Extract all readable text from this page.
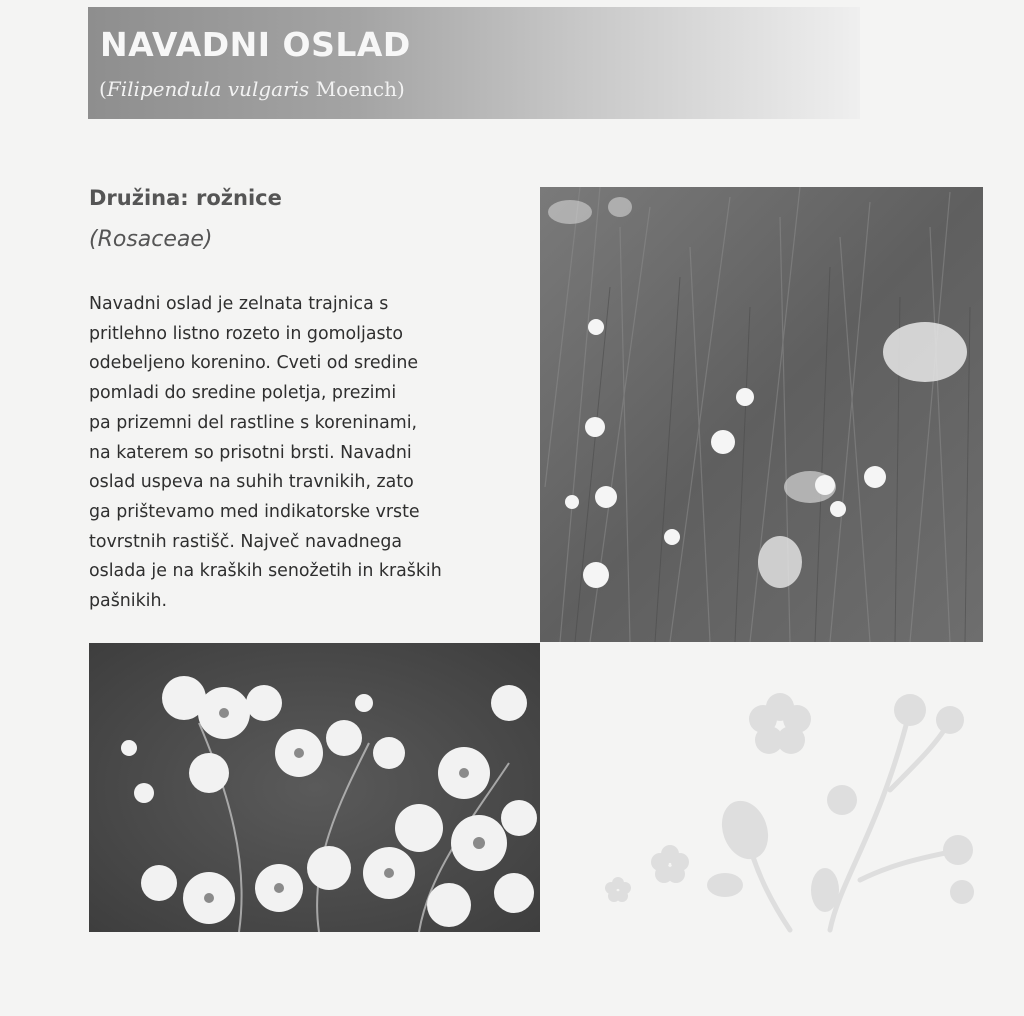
NAVADNI OSLAD
(Filipendula vulgaris Moench)
Družina: rožnice
(Rosaceae)
Navadni oslad je zelnata trajnica s
pritlehno listno rozeto in gomoljasto
odebeljeno korenino. Cveti od sredine
pomladi do sredine poletja, prezimi
pa prizemni del rastline s koreninami,
na katerem so prisotni brsti. Navadni
oslad uspeva na suhih travnikih, zato
ga prištevamo med indikatorske vrste
tovrstnih rastišč. Največ navadnega
oslada je na kraških senožetih in kraških
pašnikih.
